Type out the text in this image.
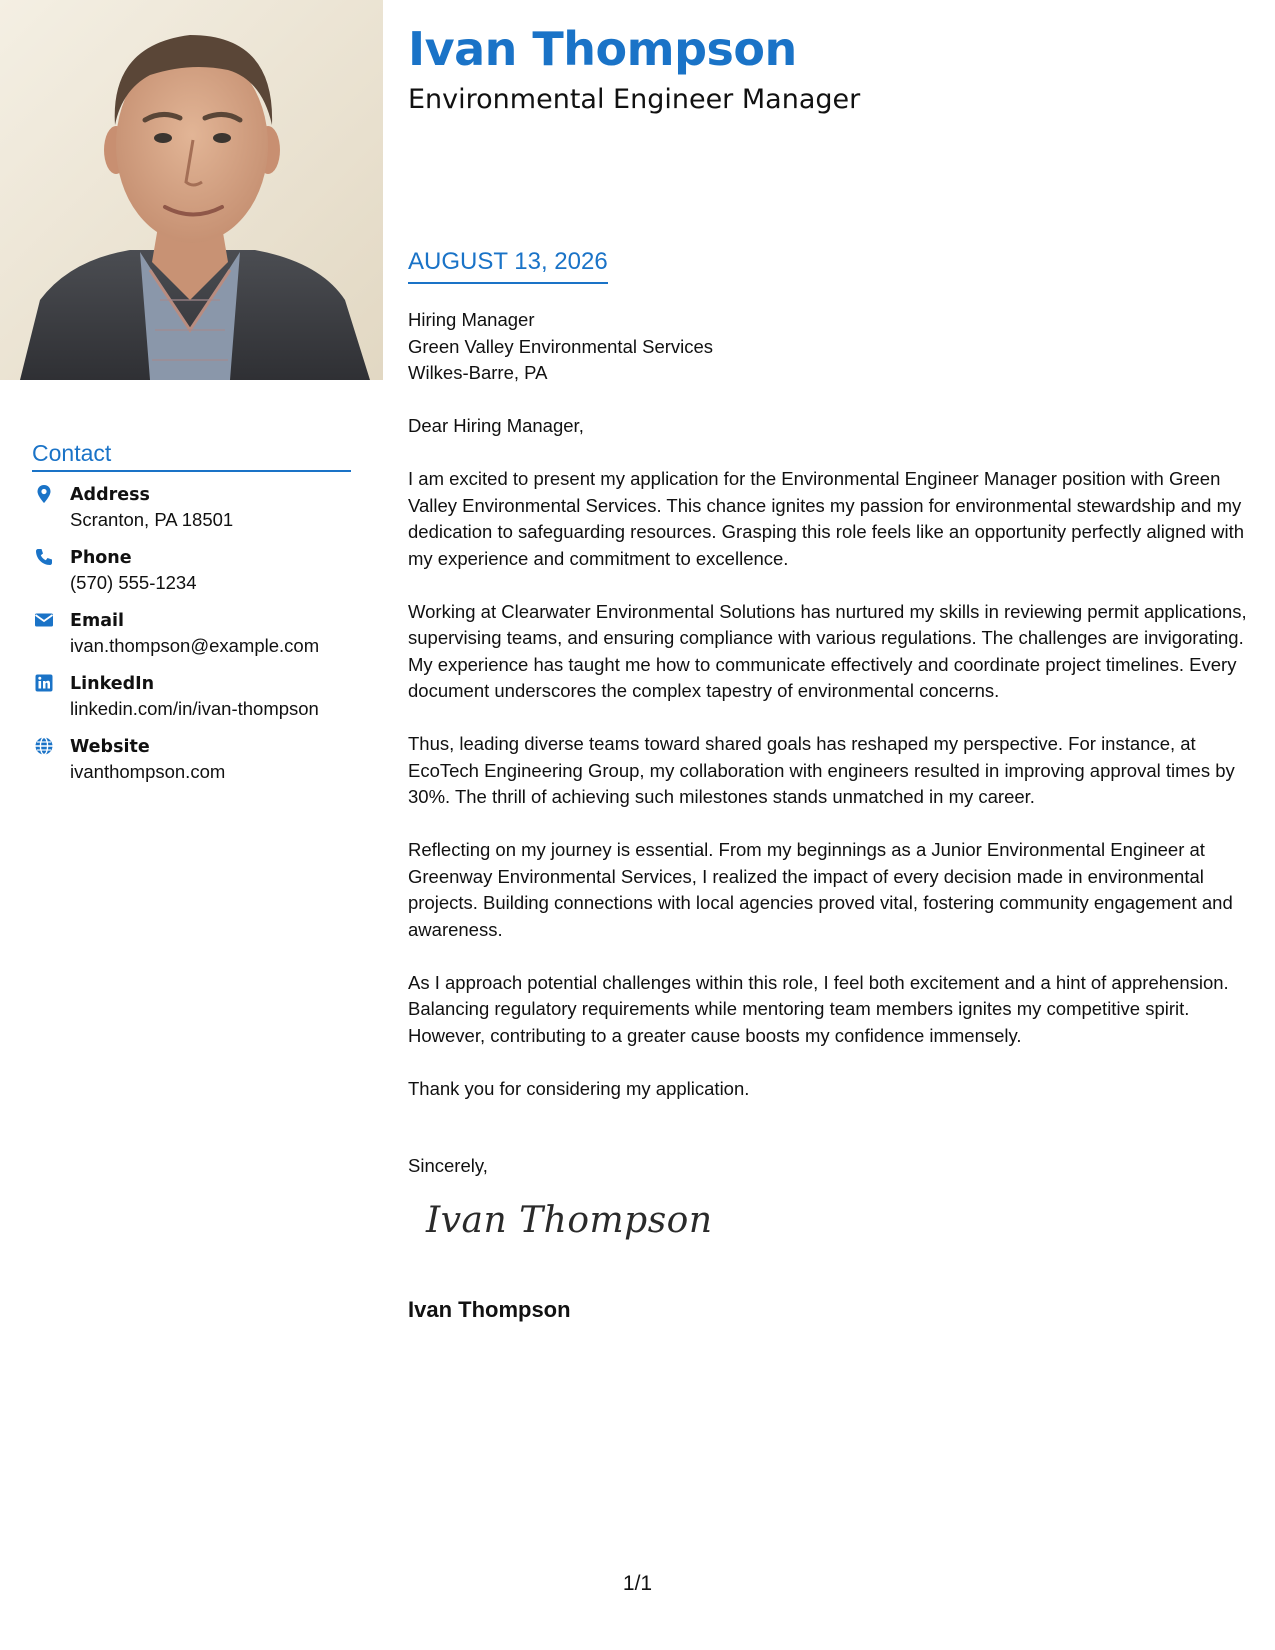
Contact
Address
Scranton, PA 18501
Phone
(570) 555-1234
Email
ivan.thompson@example.com
LinkedIn
linkedin.com/in/ivan-thompson
Website
ivanthompson.com
Ivan Thompson
Environmental Engineer Manager
AUGUST 13, 2026
Hiring Manager
Green Valley Environmental Services
Wilkes-Barre, PA

Dear Hiring Manager,

I am excited to present my application for the Environmental Engineer Manager position with Green Valley Environmental Services. This chance ignites my passion for environmental stewardship and my dedication to safeguarding resources. Grasping this role feels like an opportunity perfectly aligned with my experience and commitment to excellence.

Working at Clearwater Environmental Solutions has nurtured my skills in reviewing permit applications, supervising teams, and ensuring compliance with various regulations. The challenges are invigorating. My experience has taught me how to communicate effectively and coordinate project timelines. Every document underscores the complex tapestry of environmental concerns.

Thus, leading diverse teams toward shared goals has reshaped my perspective. For instance, at EcoTech Engineering Group, my collaboration with engineers resulted in improving approval times by 30%. The thrill of achieving such milestones stands unmatched in my career.

Reflecting on my journey is essential. From my beginnings as a Junior Environmental Engineer at Greenway Environmental Services, I realized the impact of every decision made in environmental projects. Building connections with local agencies proved vital, fostering community engagement and awareness.

As I approach potential challenges within this role, I feel both excitement and a hint of apprehension. Balancing regulatory requirements while mentoring team members ignites my competitive spirit. However, contributing to a greater cause boosts my confidence immensely.

Thank you for considering my application.

Sincerely,
Ivan Thompson
Ivan Thompson
1/1
